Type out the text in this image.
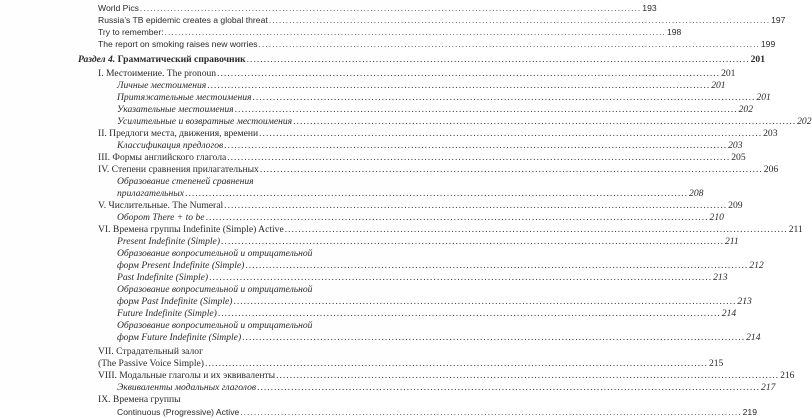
World Pics .................................................................................................................................................... 193
Russia’s TB epidemic creates a global threat .................................................................................................................................................... 197
Try to remember: .................................................................................................................................................... 198
The report on smoking raises new worries .................................................................................................................................................... 199
Раздел 4. Грамматический справочник .................................................................................................................................................... 201
I. Местоимение. The pronoun .................................................................................................................................................... 201
Личные местоимения .................................................................................................................................................... 201
Притяжательные местоимения .................................................................................................................................................... 201
Указательные местоимения .................................................................................................................................................... 202
Усилительные и возвратные местоимения .................................................................................................................................................... 202
II. Предлоги места, движения, времени .................................................................................................................................................... 203
Классификация предлогов .................................................................................................................................................... 203
III. Формы английского глагола .................................................................................................................................................... 205
IV. Степени сравнения прилагательных .................................................................................................................................................... 206
Образование степеней сравнения
прилагательных .................................................................................................................................................... 208
V. Числительные. The Numeral .................................................................................................................................................... 209
Оборот There + to be .................................................................................................................................................... 210
VI. Времена группы Indefinite (Simple) Active .................................................................................................................................................... 211
Present Indefinite (Simple) .................................................................................................................................................... 211
Образование вопросительной и отрицательной
форм Present Indefinite (Simple) .................................................................................................................................................... 212
Past Indefinite (Simple) .................................................................................................................................................... 213
Образование вопросительной и отрицательной
форм Past Indefinite (Simple) .................................................................................................................................................... 213
Future Indefinite (Simple) .................................................................................................................................................... 214
Образование вопросительной и отрицательной
форм Future Indefinite (Simple) .................................................................................................................................................... 214
VII. Страдательный залог
(The Passive Voice Simple) .................................................................................................................................................... 215
VIII. Модальные глаголы и их эквиваленты .................................................................................................................................................... 216
Эквиваленты модальных глаголов .................................................................................................................................................... 217
IX. Времена группы
Continuous (Progressive) Active .................................................................................................................................................... 219
